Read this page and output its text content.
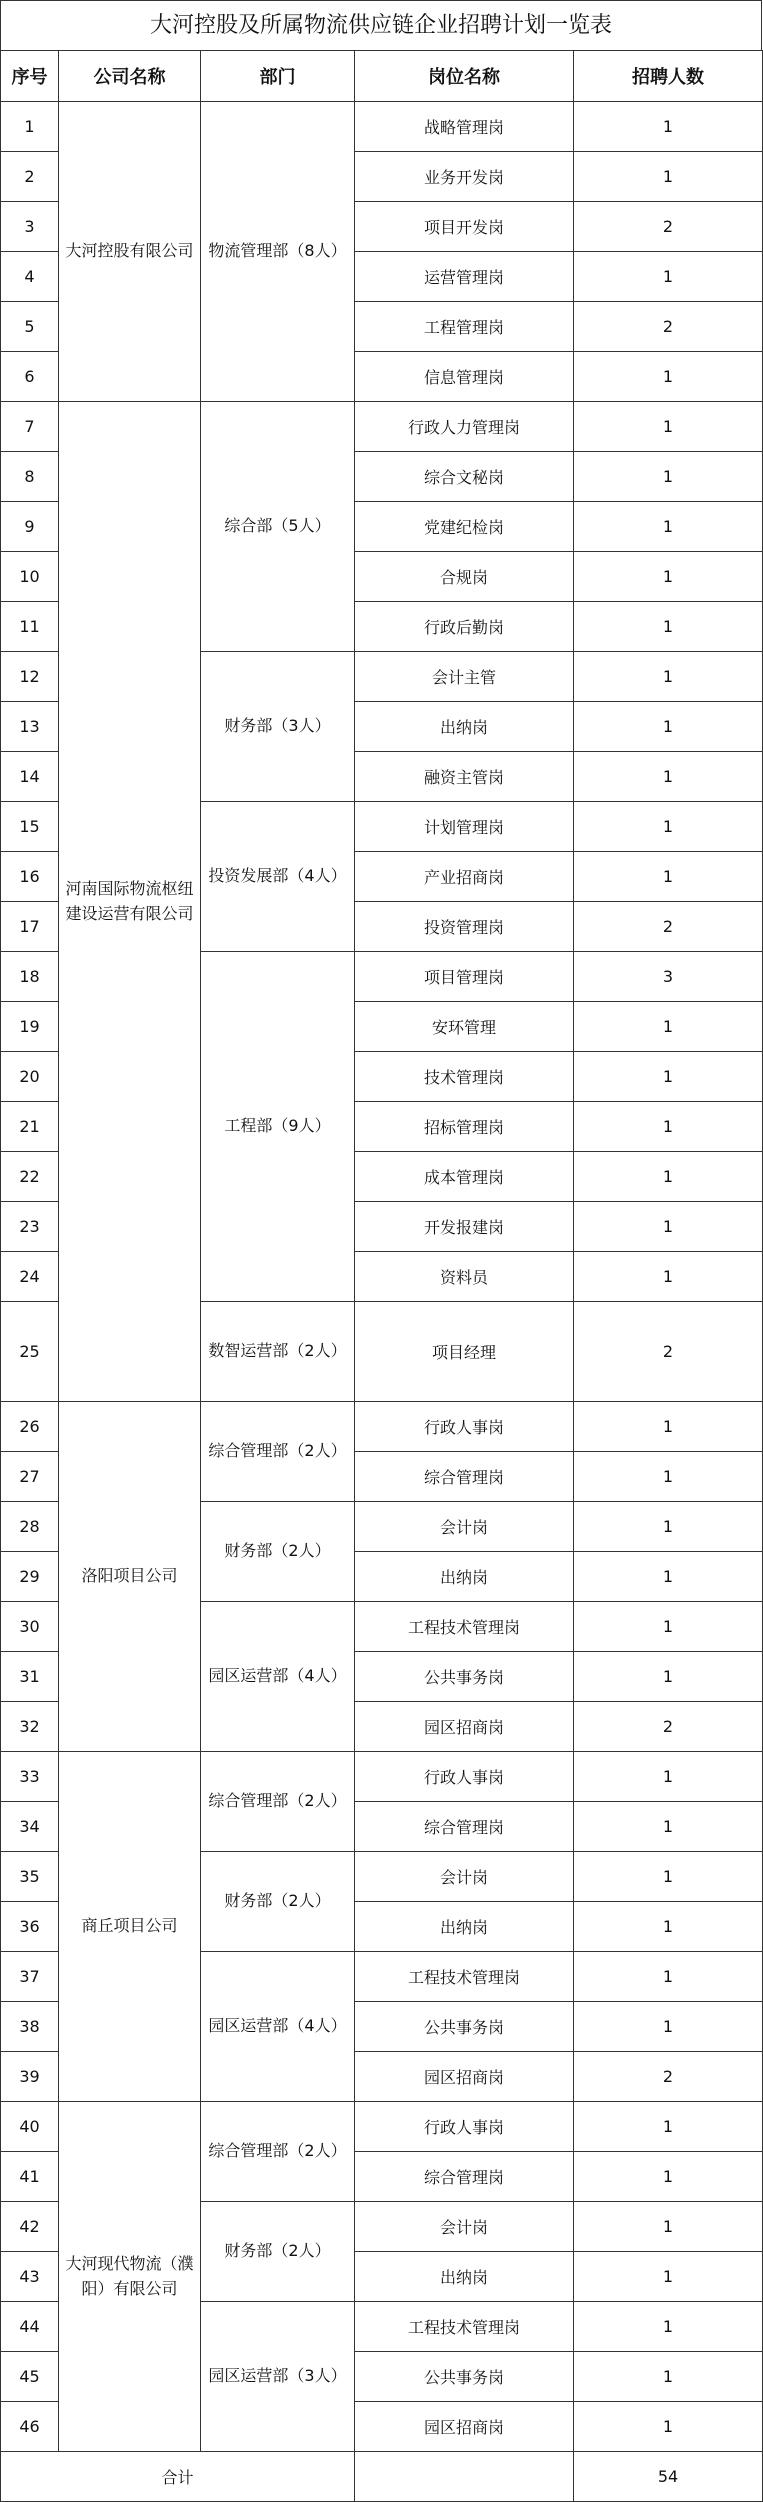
大河控股及所属物流供应链企业招聘计划一览表
序号	公司名称	部门	岗位名称	招聘人数
1	大河控股有限公司	物流管理部（8人）	战略管理岗	1
2			业务开发岗	1
3			项目开发岗	2
4			运营管理岗	1
5			工程管理岗	2
6			信息管理岗	1
7	河南国际物流枢纽建设运营有限公司	综合部（5人）	行政人力管理岗	1
8			综合文秘岗	1
9			党建纪检岗	1
10			合规岗	1
11			行政后勤岗	1
12		财务部（3人）	会计主管	1
13			出纳岗	1
14			融资主管岗	1
15		投资发展部（4人）	计划管理岗	1
16			产业招商岗	1
17			投资管理岗	2
18		工程部（9人）	项目管理岗	3
19			安环管理	1
20			技术管理岗	1
21			招标管理岗	1
22			成本管理岗	1
23			开发报建岗	1
24			资料员	1
25		数智运营部（2人）	项目经理	2
26	洛阳项目公司	综合管理部（2人）	行政人事岗	1
27			综合管理岗	1
28		财务部（2人）	会计岗	1
29			出纳岗	1
30		园区运营部（4人）	工程技术管理岗	1
31			公共事务岗	1
32			园区招商岗	2
33	商丘项目公司	综合管理部（2人）	行政人事岗	1
34			综合管理岗	1
35		财务部（2人）	会计岗	1
36			出纳岗	1
37		园区运营部（4人）	工程技术管理岗	1
38			公共事务岗	1
39			园区招商岗	2
40	大河现代物流（濮阳）有限公司	综合管理部（2人）	行政人事岗	1
41			综合管理岗	1
42		财务部（2人）	会计岗	1
43			出纳岗	1
44		园区运营部（3人）	工程技术管理岗	1
45			公共事务岗	1
46			园区招商岗	1
合计				54
